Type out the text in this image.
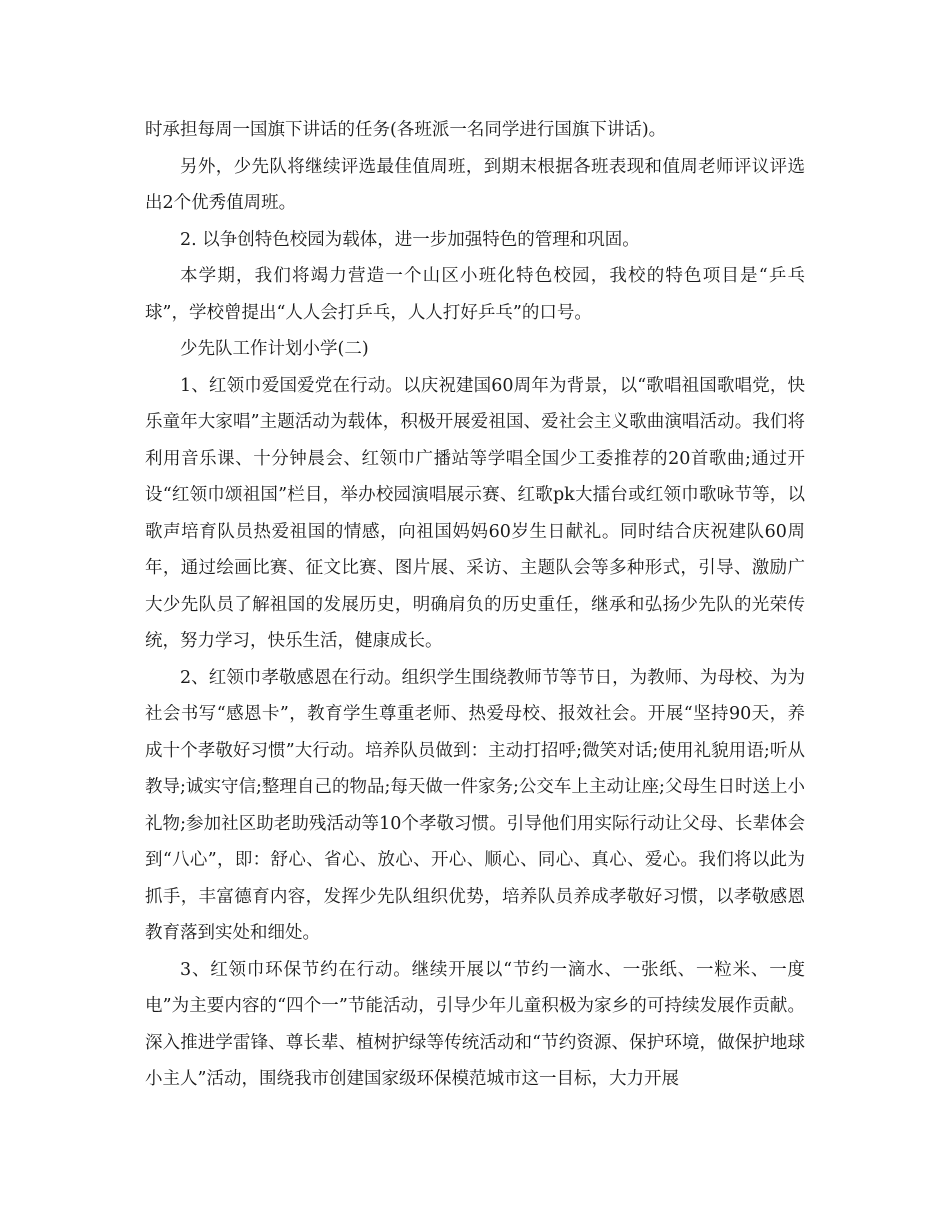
时承担每周一国旗下讲话的任务(各班派一名同学进行国旗下讲话)。

另外，少先队将继续评选最佳值周班，到期末根据各班表现和值周老师评议评选出2个优秀值周班。

2. 以争创特色校园为载体，进一步加强特色的管理和巩固。

本学期，我们将竭力营造一个山区小班化特色校园，我校的特色项目是“乒乓球”，学校曾提出“人人会打乒乓，人人打好乒乓”的口号。

少先队工作计划小学(二)

1、红领巾爱国爱党在行动。以庆祝建国60周年为背景，以“歌唱祖国歌唱党，快乐童年大家唱”主题活动为载体，积极开展爱祖国、爱社会主义歌曲演唱活动。我们将利用音乐课、十分钟晨会、红领巾广播站等学唱全国少工委推荐的20首歌曲;通过开设“红领巾颂祖国”栏目，举办校园演唱展示赛、红歌pk大擂台或红领巾歌咏节等，以歌声培育队员热爱祖国的情感，向祖国妈妈60岁生日献礼。同时结合庆祝建队60周年，通过绘画比赛、征文比赛、图片展、采访、主题队会等多种形式，引导、激励广大少先队员了解祖国的发展历史，明确肩负的历史重任，继承和弘扬少先队的光荣传统，努力学习，快乐生活，健康成长。

2、红领巾孝敬感恩在行动。组织学生围绕教师节等节日，为教师、为母校、为为社会书写“感恩卡”，教育学生尊重老师、热爱母校、报效社会。开展“坚持90天，养成十个孝敬好习惯”大行动。培养队员做到：主动打招呼;微笑对话;使用礼貌用语;听从教导;诚实守信;整理自己的物品;每天做一件家务;公交车上主动让座;父母生日时送上小礼物;参加社区助老助残活动等10个孝敬习惯。引导他们用实际行动让父母、长辈体会到“八心”，即：舒心、省心、放心、开心、顺心、同心、真心、爱心。我们将以此为抓手，丰富德育内容，发挥少先队组织优势，培养队员养成孝敬好习惯，以孝敬感恩教育落到实处和细处。

3、红领巾环保节约在行动。继续开展以“节约一滴水、一张纸、一粒米、一度电”为主要内容的“四个一”节能活动，引导少年儿童积极为家乡的可持续发展作贡献。深入推进学雷锋、尊长辈、植树护绿等传统活动和“节约资源、保护环境，做保护地球小主人”活动，围绕我市创建国家级环保模范城市这一目标，大力开展
